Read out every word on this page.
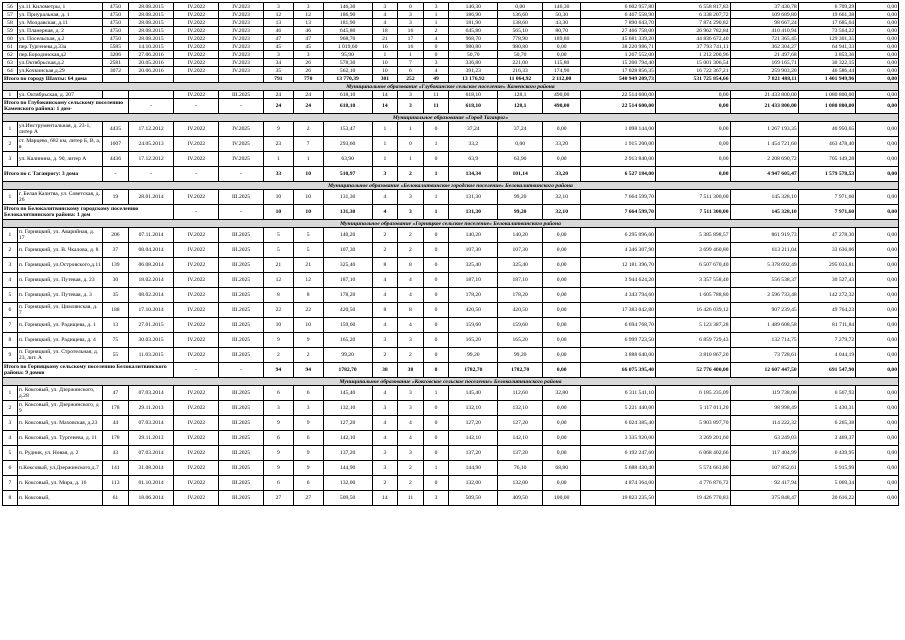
56	ул.11 Километры, 1	4750	28.08.2015	IV.2022	IV.2023	3	3	146,30	3	0	3	146,30	0,00	146,30	6 602 957,80	6 558 817,83	37 430,78	6 709,29	0,00
57	ул. Приуральная, д. 1	4750	28.08.2015	IV.2022	IV.2023	12	12	186,90	4	3	1	186,90	136,60	50,30	6 467 558,90	6 338 207,72	109 689,80	19 661,38	0,00
58	ул. Молдавская, д.11	4750	28.08.2015	IV.2022	IV.2023	13	13	181,90	4	3	1	181,90	138,60	43,30	7 890 643,70	7 874 290,82	98 667,24	17 685,64	0,00
59	ул. Планерная, д. 2	4750	28.08.2015	IV.2022	IV.2023	46	46	645,80	18	16	2	645,80	565,10	80,70	27 466 758,00	26 962 782,84	410 410,94	73 564,22	0,00
60	ул. Посельская, д.2	4750	28.08.2015	IV.2022	IV.2023	47	47	968,70	21	17	4	968,70	778,90	189,80	45 681 339,20	44 836 672,40	721 365,45	129 301,35	0,00
61	пер.Тургенева,д.33а	5585	14.10.2015	IV.2022	IV.2023	45	45	1 019,60	16	16	0	980,80	980,80	0,00	38 220 986,71	37 793 741,11	362 304,27	64 941,33	0,00
62	пер.Бородинская,д2	3206	27.06.2016	IV.2022	IV.2023	3	3	95,90	1	1	0	50,70	50,70	0,00	1 267 552,00	1 212 200,96	21 497,68	3 853,36	0,00
63	ул.Октябрьская,д.2	2581	20.05.2016	IV.2022	IV.2023	34	26	578,30	10	7	3	336,80	221,00	115,80	15 200 794,40	15 001 306,54	169 165,71	30 322,15	0,00
64	ул.Кочкинская,д.29	3072	20.06.2016	IV.2022	IV.2023	35	26	562,10	10	6	4	391,23	216,33	174,90	17 028 856,35	16 722 367,21	259 903,20	46 586,44	0,00
Итого по городу Шахты: 64 дома						791	770	13 770,39	301	252	49	13 176,92	11 064,92	2 112,00	540 949 209,73	531 725 854,66	7 821 488,11	1 401 949,96	0,00
Муниципальное образование «Глубокинское сельское поселение» Каменского района																			
1	ул. Октябрьская, д. 207			IV.2022	III.2025	24	24	618,10	14	3	11	618,10	128,1	490,00	22 514 600,00	0,00	21 433 800,00	1 080 800,00	0,00
Итого по Глубокинскому сельскому поселению Каменского района: 1 дом-			-	-	-	24	24	618,10	14	3	11	618,10	128,1	490,00	22 514 600,00	0,00	21 433 800,00	1 080 800,00	0,00
Муниципальное образование «Город Таганрог»																			
1	ул.Инструментальная, д. 23-1, литер А	4435	17.12.2012	IV.2022	IV.2025	9	2	153,47	1	1	0	37,24	37,24	0,00	1 098 144,00	0,00	1 267 193,35	40 950,65	0,00
2	ст. Марцево, 682 км, литер Б, В, а, в	1607	24.05.2013	IV.2022	IV.2025	23	7	293,60	1	0	1	33,2	0,00	33,20	1 915 200,00	0,00	1 454 721,60	463 478,40	0,00
3	ул. Калинина, д. 90, литер А	4436	17.12.2012	IV.2022	IV.2025	1	1	63,90	1	1	0	63,9	63,90	0,00	2 913 840,00	0,00	2 208 690,72	705 149,28	0,00
Итого по г. Таганрогу: 3 дома		-	-	-	-	33	10	510,97	3	2	1	134,34	101,14	33,20	6 527 184,00	0,00	4 947 605,47	1 579 578,53	0,00
Муниципальное образование «Белокалитвинское городское поселение» Белокалитвинского района																			
1	г. Белая Калитва, ул. Советская, д. 26	19	28.01.2014	IV.2022	III.2025	10	10	131,30	4	3	1	131,30	99,20	32,10	7 664 599,70	7 511 300,00	145 328,10	7 971,60	0,00
Итого по Белокалитвинскому городскому поселению Белокалитвинского района: 1 дом				-	-	10	10	131,30	4	3	1	131,30	99,20	32,10	7 664 599,70	7 511 300,00	145 328,10	7 971,60	0,00
Муниципальное образование «Горняцкое сельское поселение» Белокалитвинского района																			
1	п. Горняцкий, ул. Аварийная, д. 17	206	07.11.2014	IV.2022	III.2025	5	5	140,20	2	2	0	140,20	140,20	0,00	6 295 096,60	5 385 898,57	861 919,73	47 278,30	0,00
2	п. Горняцкий, ул. В. Чкалова, д. 8	37	08.04.2014	IV.2022	III.2025	5	5	107,30	2	2	0	107,30	107,30	0,00	4 346 307,90	3 699 460,80	613 211,04	33 636,06	0,00
3	п. Горняцкий, ул.Островского,д.11	139	06.08.2014	IV.2022	III.2025	21	21	325,40	8	8	0	325,40	325,40	0,00	12 181 396,70	6 507 670,40	5 378 692,49	295 033,81	0,00
4	п. Горняцкий, ул. Путевая, д. 23	30	18.02.2014	IV.2022	III.2025	12	12	187,10	4	4	0	187,10	187,10	0,00	3 944 624,20	3 357 558,40	556 538,37	30 527,43	0,00
5	п. Горняцкий, ул. Путевая, д. 3	35	08.02.2014	IV.2022	III.2025	8	8	178,20	4	4	0	178,20	178,20	0,00	4 343 794,60	1 605 788,80	2 596 733,48	142 272,32	0,00
6	п. Горняцкий, ул. Цимлянская, д. 7	188	17.10.2014	IV.2022	III.2025	22	22	420,50	8	8	0	420,50	420,50	0,00	17 383 042,80	16 426 039,12	907 239,45	49 764,23	0,00
7	п. Горняцкий, ул. Радищева, д. 1	13	27.01.2015	IV.2022	III.2025	10	10	159,60	4	4	0	159,60	159,60	0,00	6 694 768,70	5 123 387,28	1 489 608,58	81 711,84	0,00
8	п. Горняцкий, ул. Радищева, д. 4	75	30.03.2015	IV.2022	III.2025	9	9	165,20	3	3	0	165,20	165,20	0,00	6 999 723,50	6 859 729,43	132 714,75	7 279,72	0,00
9	п. Горняцкий, ул. Стротельная, д. 23, лит. А	55	11.03.2015	IV.2022	III.2025	2	2	99,20	2	2	0	99,20	99,20	0,00	3 888 640,00	3 810 867,20	73 728,61	4 044,19	0,00
Итого по Горняцкому сельскому поселению Белокалитвинского района: 9 домов				-	-	94	94	1782,70	38	38	0	1782,70	1782,70	0,00	66 075 395,40	52 776 400,00	12 607 447,50	691 547,90	0,00
Муниципальное образование «Коксовское сельское поселение» Белокалитвинского района																			
1	п. Коксовый, ул. Дзержинского, д.28	47	07.03.2014	IV.2022	III.2025	6	6	145,40	4	3	1	145,40	112,60	32,80	6 311 541,10	6 185 235,09	119 738,08	6 567,93	0,00
2	п. Коксовый, ул. Дзержинского, д 9	178	29.11.2013	IV.2022	III.2025	3	3	132,10	3	3	0	132,10	132,10	0,00	5 221 440,00	5 117 011,20	98 998,49	5 430,31	0,00
3	п. Коксовый, ул. Маховская, д.23	44	07.03.2014	IV.2022	III.2025	9	9	127,20	4	4	0	127,20	127,20	0,00	6 024 385,40	5 903 897,70	114 222,32	6 265,38	0,00
4	п. Коксовый, ул. Тургенева, д. 11	178	29.11.2013	IV.2022	III.2025	6	6	142,10	4	4	0	142,10	142,10	0,00	3 335 920,00	3 269 201,60	63 249,03	3 469,37	0,00
5	п. Рудник, ул. Новая, д. 2	43	07.03.2014	IV.2022	III.2025	9	9	137,20	3	3	0	137,20	137,20	0,00	6 192 247,60	6 068 402,66	117 404,99	6 439,95	0,00
6	п.Коксовый, ул.Дзержинского,д.7	141	31.08.2014	IV.2022	III.2025	9	9	144,90	3	2	1	144,90	76,10	68,80	5 688 430,40	5 574 661,80	107 852,61	5 915,99	0,00
7	п. Коксовый, ул. Мира, д. 16	113	01.10.2014	IV.2022	III.2025	6	6	132,00	2	2	0	132,00	132,00	0,00	4 874 364,00	4 776 876,72	92 417,94	5 069,34	0,00
8	п. Коксовый,	61	18.06.2014	IV.2022	III.2025	27	27	509,50	14	11	3	509,50	409,50	100,00	19 823 235,50	19 426 770,83	375 848,47	20 616,22	0,00
